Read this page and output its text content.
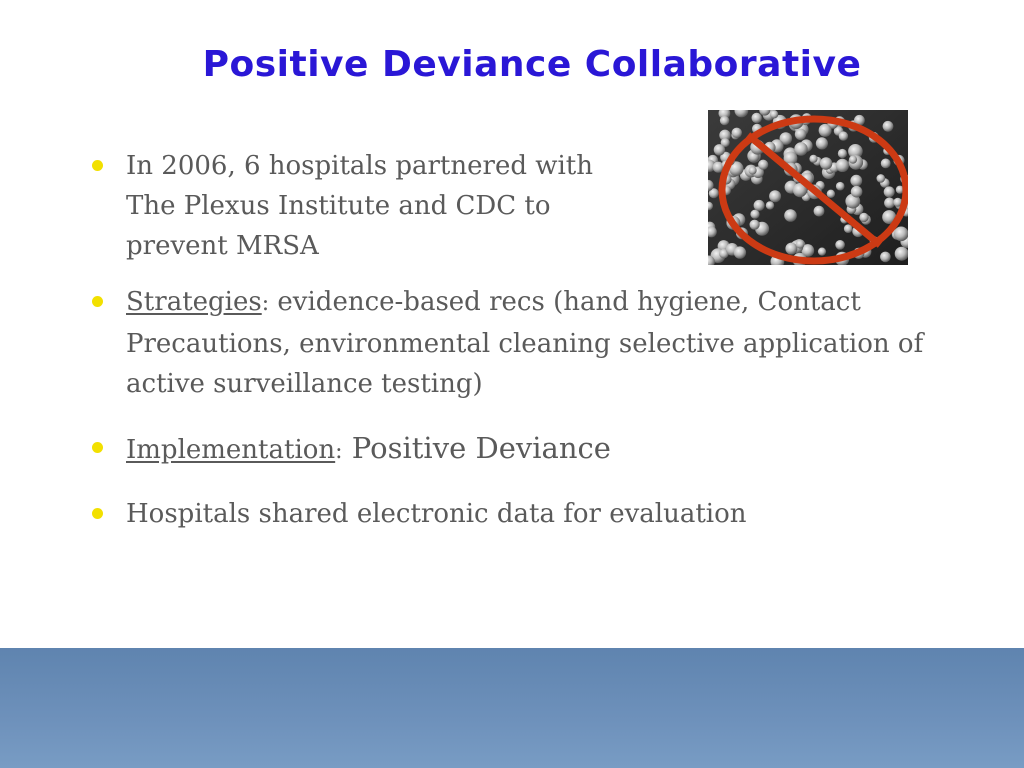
Positive Deviance Collaborative
In 2006, 6 hospitals partnered with The Plexus Institute and CDC to prevent MRSA
Strategies: evidence-based recs (hand hygiene, Contact Precautions, environmental cleaning selective application of active surveillance testing)
Implementation: Positive Deviance
Hospitals shared electronic data for evaluation
